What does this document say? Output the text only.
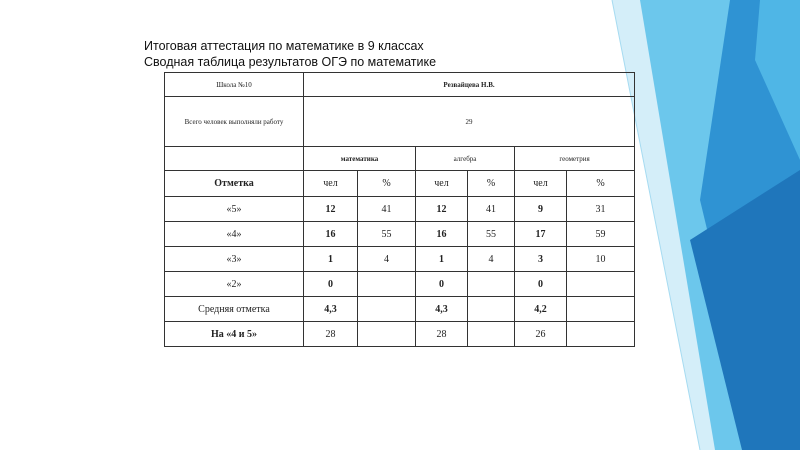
Итоговая аттестация по математике в 9 классах
Сводная таблица результатов ОГЭ по математике
Школа №10	Резвайцева Н.В.					
Всего человек выполняли работу	29					
	математика		алгебра		геометрия	
Отметка	чел	%	чел	%	чел	%
«5»	12	41	12	41	9	31
«4»	16	55	16	55	17	59
«3»	1	4	1	4	3	10
«2»	0		0		0	
Средняя отметка	4,3		4,3		4,2	
На «4 и 5»	28		28		26	
